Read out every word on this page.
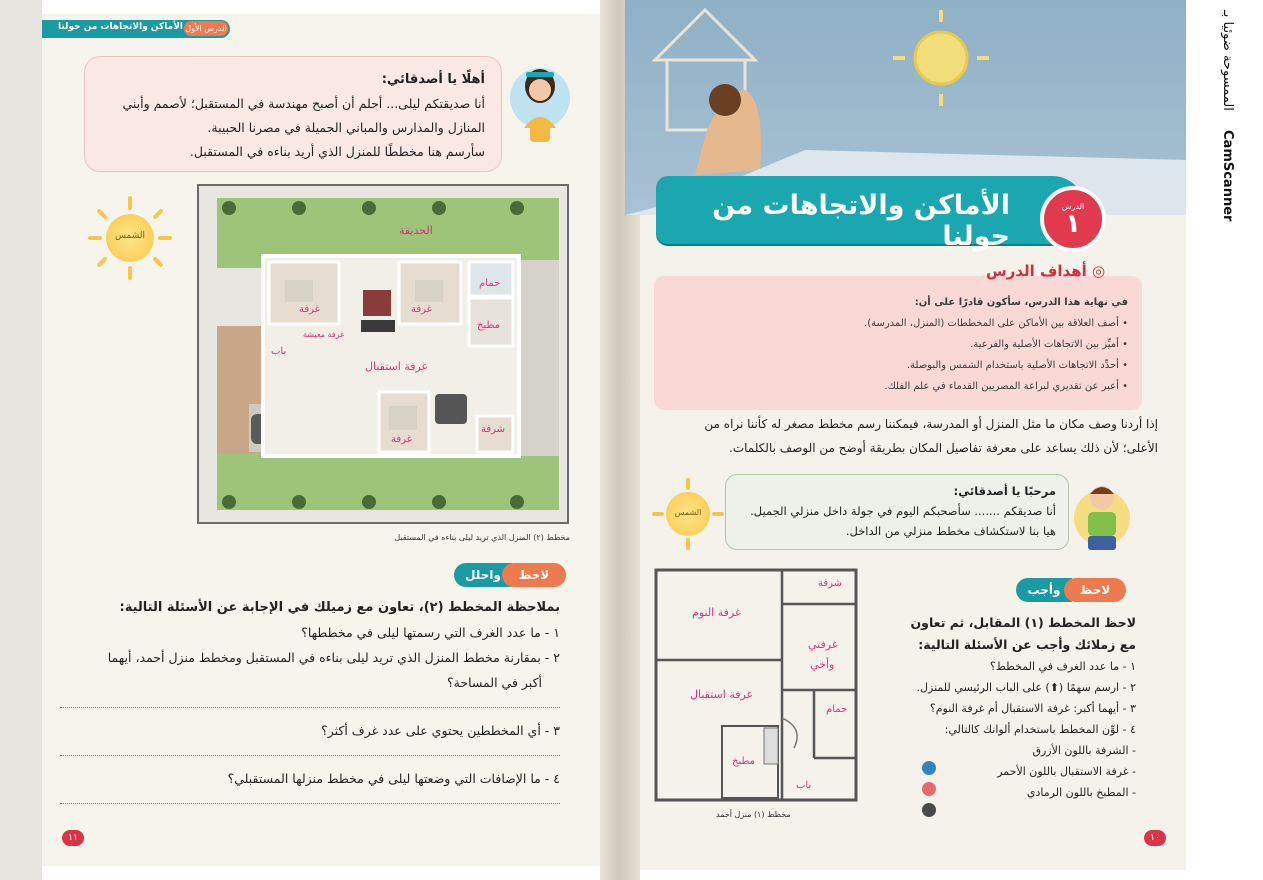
الممسوحة ضوئيا بـ
CamScanner
الأماكن والاتجاهات من حولنا الدرس الأول
أهلًا يا أصدقائي:
أنا صديقتكم ليلى... أحلم أن أصبح مهندسة في المستقبل؛ لأصمم وأبني
المنازل والمدارس والمباني الجميلة في مصرنا الحبيبة.
سأرسم هنا مخططًا للمنزل الذي أريد بناءه في المستقبل.
الشمس	الحديقة
غرفة	غرفة
غرفة
حمام
مطبخ
غرفة استقبال
باب
غرفة معيشة
شرفة
مخطط (٢) المنزل الذي تريد ليلى بناءه في المستقبل
واحلل	لاحظ
بملاحظة المخطط (٢)، تعاون مع زميلك في الإجابة عن الأسئلة التالية:
١ - ما عدد الغرف التي رسمتها ليلى في مخططها؟
٢ - بمقارنة مخطط المنزل الذي تريد ليلى بناءه في المستقبل ومخطط منزل أحمد، أيهما
أكبر في المساحة؟
٣ - أي المخططين يحتوي على عدد غرف أكثر؟
٤ - ما الإضافات التي وضعتها ليلى في مخطط منزلها المستقبلي؟
١١
الأماكن والاتجاهات من حولنا
الدرس
١
في نهاية هذا الدرس، سأكون قادرًا على أن:
• أصف العلاقة بين الأماكن على المخططات (المنزل، المدرسة).
• أميِّز بين الاتجاهات الأصلية والفرعية.
• أحدِّد الاتجاهات الأصلية باستخدام الشمس والبوصلة.
• أعبر عن تقديري لبراعة المصريين القدماء في علم الفلك.
أهداف الدرس ◎
إذا أردنا وصف مكان ما مثل المنزل أو المدرسة، فيمكننا رسم مخطط مصغر له كأننا نراه من
الأعلى؛ لأن ذلك يساعد على معرفة تفاصيل المكان بطريقة أوضح من الوصف بالكلمات.
الشمس
مرحبًا يا أصدقائي:
أنا صديقكم ....... سأصحبكم اليوم في جولة داخل منزلي الجميل.
هيا بنا لاستكشاف مخطط منزلي من الداخل.
وأجب	لاحظ
شرفة
غرفة النوم
غرفتي
وأخي
غرفة استقبال
حمام
مطبخ
باب
مخطط (١) منزل أحمد
لاحظ المخطط (١) المقابل، ثم تعاون
مع زملائك وأجب عن الأسئلة التالية:
١ - ما عدد الغرف في المخطط؟
٢ - ارسم سهمًا (⬆) على الباب الرئيسي للمنزل.
٣ - أيهما أكبر: غرفة الاستقبال أم غرفة النوم؟
٤ - لوِّن المخطط باستخدام ألوانك كالتالي:
- الشرفة باللون الأزرق
- غرفة الاستقبال باللون الأحمر
- المطبخ باللون الرمادي
١٠
